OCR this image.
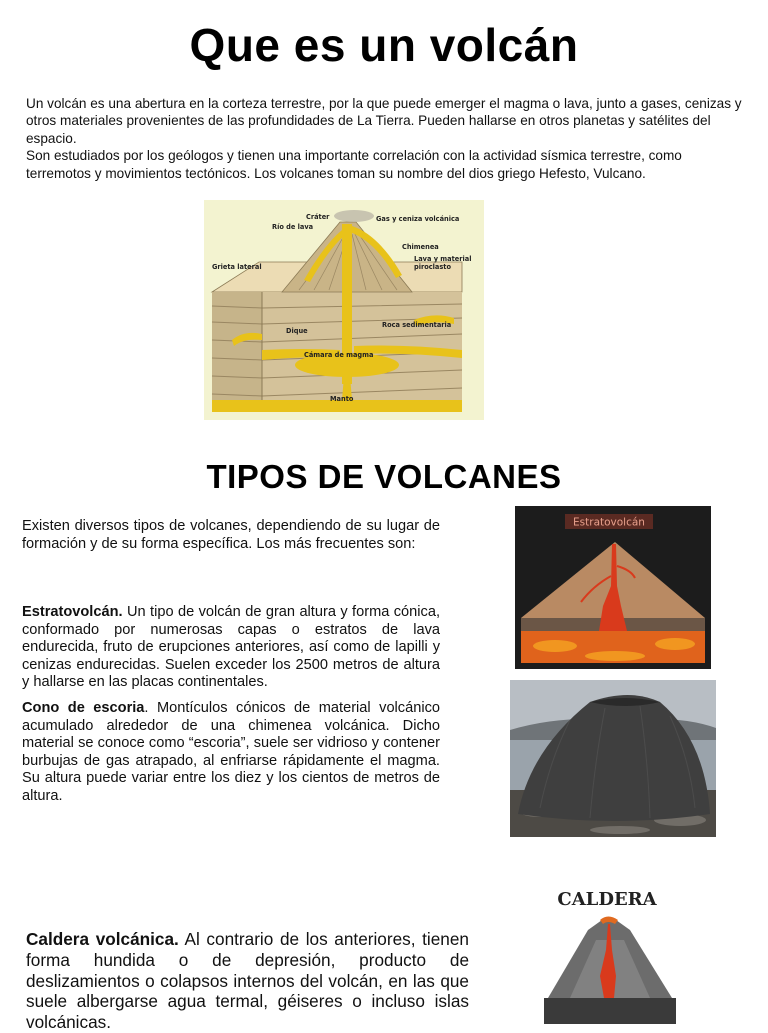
Que es un volcán

Un volcán es una abertura en la corteza terrestre, por la que puede emerger el magma o lava, junto a gases, cenizas y otros materiales provenientes de las profundidades de La Tierra. Pueden hallarse en otros planetas y satélites del espacio.

Son estudiados por los geólogos y tienen una importante correlación con la actividad sísmica terrestre, como terremotos y movimientos tectónicos. Los volcanes toman su nombre del dios griego Hefesto, Vulcano.

Cráter	Gas y ceniza volcánica
Río de lava
Chimenea
Lava y material
piroclasto
Grieta lateral
Dique
Roca sedimentaria
Cámara de magma
Manto
TIPOS DE VOLCANES

Existen diversos tipos de volcanes, dependiendo de su lugar de formación y de su forma específica. Los más frecuentes son:

Estratovolcán. Un tipo de volcán de gran altura y forma cónica, conformado por numerosas capas o estratos de lava endurecida, fruto de erupciones anteriores, así como de lapilli y cenizas endurecidas. Suelen exceder los 2500 metros de altura y hallarse en las placas continentales.

Cono de escoria. Montículos cónicos de material volcánico acumulado alrededor de una chimenea volcánica. Dicho material se conoce como “escoria”, suele ser vidrioso y contener burbujas de gas atrapado, al enfriarse rápidamente el magma. Su altura puede variar entre los diez y los cientos de metros de altura.

Caldera volcánica. Al contrario de los anteriores, tienen forma hundida o de depresión, producto de deslizamientos o colapsos internos del volcán, en las que suele albergarse agua termal, géiseres o incluso islas volcánicas.

Estratovolcán
CALDERA
